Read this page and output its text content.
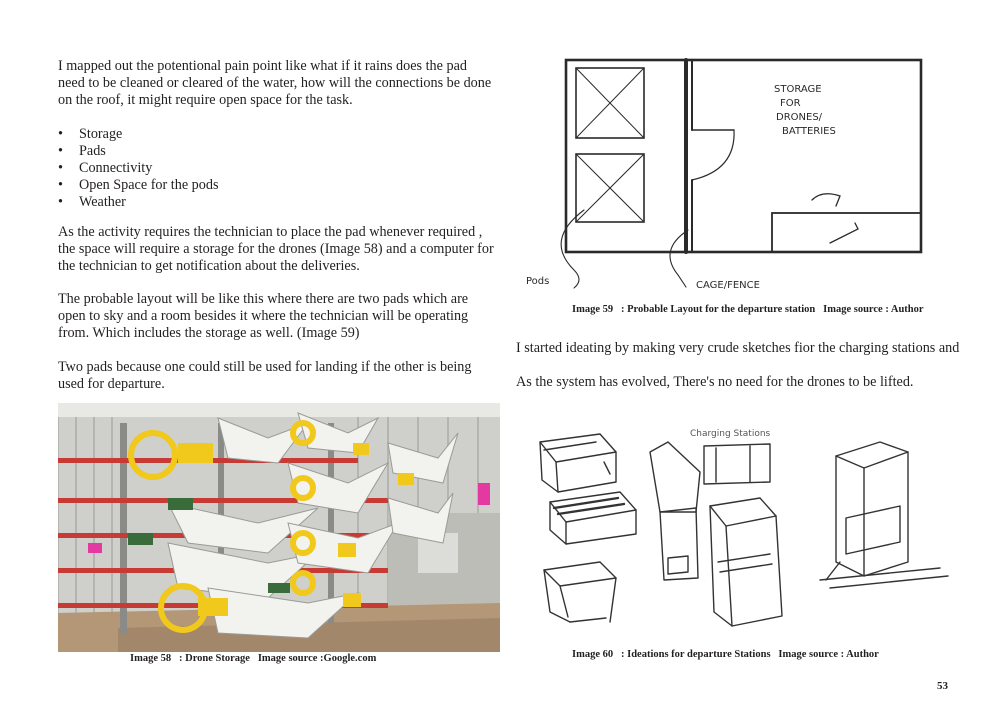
I mapped out the potentional pain point like what if it rains does the pad need to be cleaned or cleared of the water, how will the connections be done on the roof, it might require open space for the task.

• Storage
• Pads
• Connectivity
• Open Space for the pods
• Weather

As the activity requires the technician to place the pad whenever required , the space will require a storage for the drones (Image 58) and a computer for the technician to get notification about the deliveries.

The probable layout will be like this where there are two pads which are open to sky and a room besides it where the technician will be operating from. Which includes the storage as well. (Image 59)

Two pads because one could still be used for landing if the other is being used for departure.

Image 58   : Drone Storage   Image source :Google.com
STORAGE
FOR
DRONES/
BATTERIES
Pods	CAGE/FENCE
Image 59   : Probable Layout for the departure station   Image source : Author

I started ideating by making very crude sketches fior the charging stations and

As the system has evolved, There's no need for the drones to be lifted.

Charging Stations
Image 60   : Ideations for departure Stations   Image source : Author
53
